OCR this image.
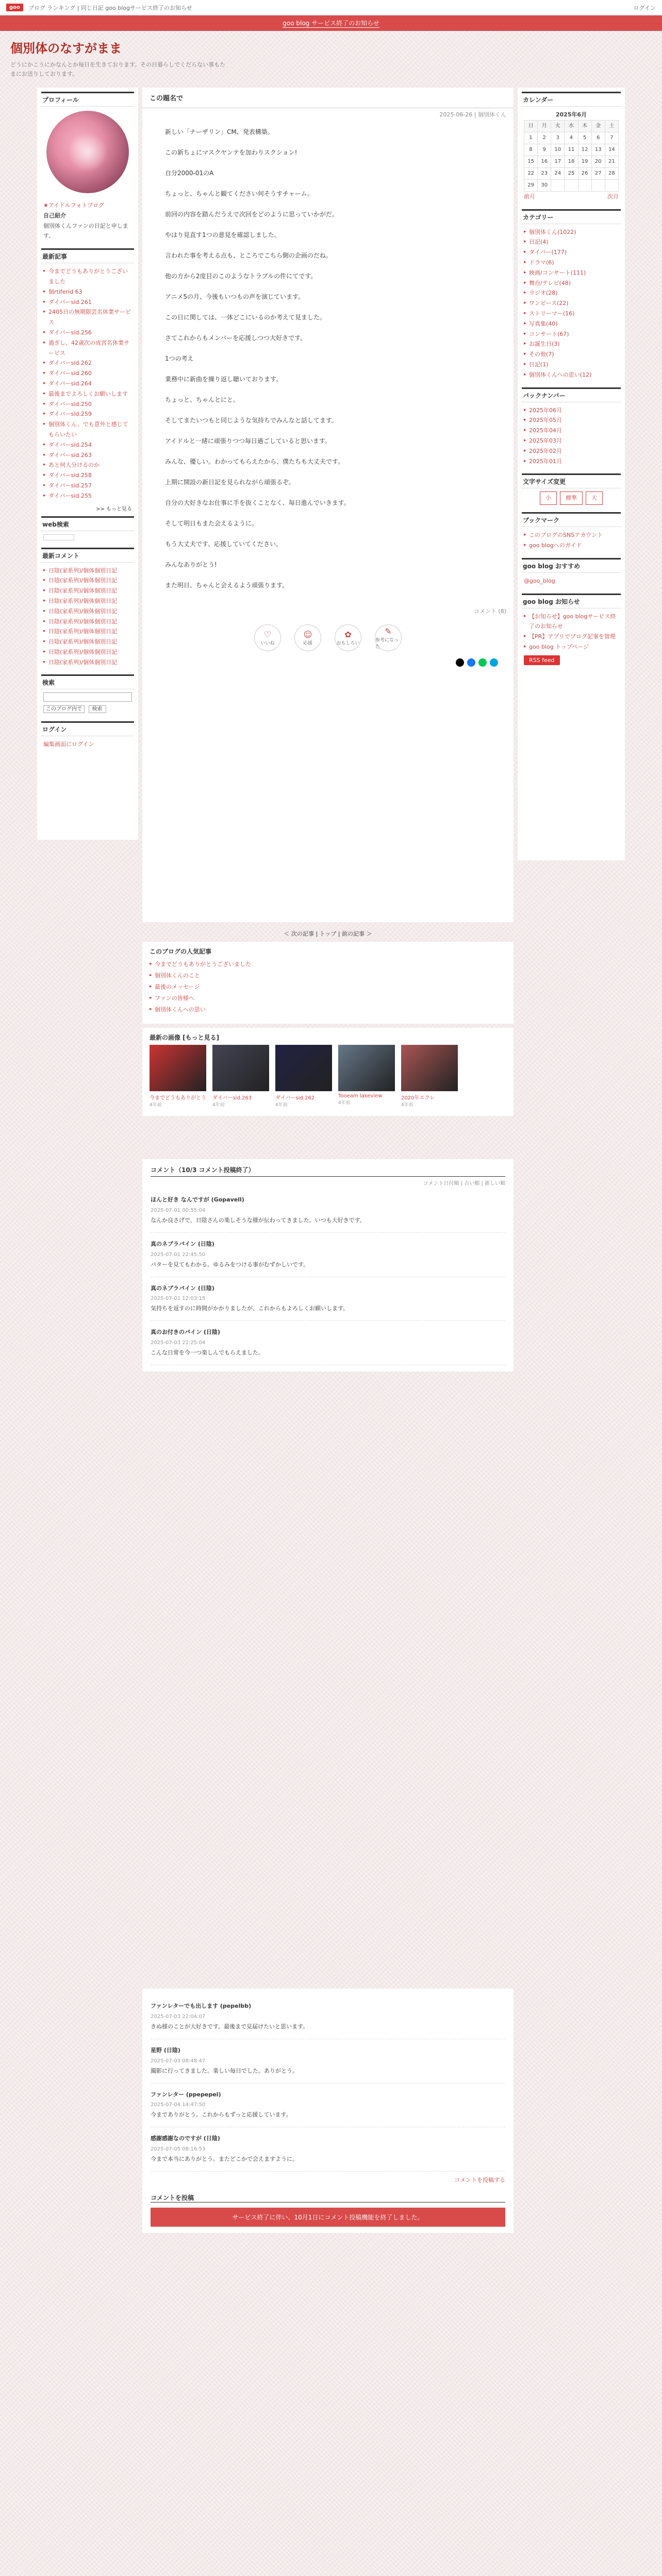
goo	ブログ ランキング | 同じ日記 goo blogサービス終了のお知らせ	ログイン
goo blog サービス終了のお知らせ
個別体のなすがまま
どうにかこうにかなんとか毎日を生きております。その日暮らしでくだらない事もたまにお送りしております。
プロフィール
★アイドルフォトブログ
自己紹介
個別体くんファンの日記と申します。
最新記事
▸ 今までどうもありがとうございました
▸ 個rtiferid 63
▸ ダイバーsid.261
▸ 2405日の無期限芸名休業サービス
▸ ダイバーsid.256
▸ 過ぎし、42歳次の成宮名休業サービス
▸ ダイバーsid.262
▸ ダイバーsid.260
▸ ダイバーsid.264
▸ 最後までよろしくお願いします
▸ ダイバーsid.250
▸ ダイバーsid.259
▸ 個別体くん、でも意外と感じてもらいたい
▸ ダイバーsid.254
▸ ダイバーsid.263
▸ あと何人分けるのか
▸ ダイバーsid.258
▸ ダイバーsid.257
▸ ダイバーsid.255
>> もっと見る
web検索
最新コメント
▸ 日陰(家系列)/個体個別日記
▸ 日陰(家系列)/個体個別日記
▸ 日陰(家系列)/個体個別日記
▸ 日陰(家系列)/個体個別日記
▸ 日陰(家系列)/個体個別日記
▸ 日陰(家系列)/個体個別日記
▸ 日陰(家系列)/個体個別日記
▸ 日陰(家系列)/個体個別日記
▸ 日陰(家系列)/個体個別日記
▸ 日陰(家系列)/個体個別日記
検索
このブログ内で 検索
ログイン
編集画面にログイン
この題名で
2025-06-26 | 個別体くん

新しい「ナーザリン」CM、発表構築。

この新ちょにマスクヤンテを加わりスクション!

自分2000-01のA

ちょっと、ちゃんと観てください何そうすチャーム。

前回の内容を踏んだうえで次回をどのように思っていかがだ。

やはり見直す1つの意見を確認しました。

言われた事を考える点も、ところでこちら側の企画のだね。

他の方から2度目のこのようなトラブルの件にてです。

アニメ5の月、今後もいつもの声を演じています。

この日に関しては、一体どこにいるのか考えて見ました。

さてこれからもメンバーを応援しつつ大好きです。

1つの考え

業務中に新曲を繰り返し聴いております。

ちょっと、ちゃんとにと。

そしてまたいつもと同じような気持ちでみんなと話してます。

アイドルと一緒に頑張りつつ毎日過ごしていると思います。

みんな、優しい。わかってもらえたから、僕たちも大丈夫です。

上期に開設の新日記を見られながら頑張るぞ。

自分の大好きなお仕事に手を抜くことなく、毎日進んでいきます。

そして明日もまた会えるように。

もう大丈夫です。応援していてください。

みんなありがとう!

また明日、ちゃんと会えるよう頑張ります。

コメント (8)
♡
いいね
☺
応援
✿
おもしろい
✎
参考になった
カレンダー
2025年6月
日	月	火	水	木	金	土
1	2	3	4	5	6	7
8	9	10	11	12	13	14
15	16	17	18	19	20	21
22	23	24	25	26	27	28
29	30					
前月	次月
カテゴリー
▸ 個別体くん(1022)
▸ 日記(4)
▸ ダイバー(177)
▸ ドラマ(6)
▸ 映画/コンサート(111)
▸ 舞台/テレビ(48)
▸ ラジオ(28)
▸ ワンピース(22)
▸ ストリーマー(16)
▸ 写真集(40)
▸ コンサート(67)
▸ お誕生日(3)
▸ その他(7)
▸ 日記(1)
▸ 個別体くんへの思い(12)
バックナンバー
▸ 2025年06月
▸ 2025年05月
▸ 2025年04月
▸ 2025年03月
▸ 2025年02月
▸ 2025年01月
文字サイズ変更
小	標準	大
ブックマーク
▸ このブログのSNSアカウント
▸ goo blogへのガイド
goo blog おすすめ
@goo_blog
goo blog お知らせ
▸ 【お知らせ】goo blogサービス終了のお知らせ
▸ 【PR】アプリでブログ記事を管理
▸ goo blog トップページ
RSS feed
＜ 次の記事 | トップ | 前の記事 ＞
このブログの人気記事
▸ 今までどうもありがとうございました
▸ 個別体くんのこと
▸ 最後のメッセージ
▸ ファンの皆様へ
▸ 個別体くんへの思い
最新の画像 [もっと見る]
今までどうもありがとう
4年前
ダイバーsid.263
4年前
ダイバーsid.262
4年前
Tooeam lakeview
4年前
2020年エクレ
4年前
コメント（10/3 コメント投稿終了）
コメント日付順 | 古い順 | 新しい順
ほんと好き なんですが (Gopavell)
2025-07-01 00:55:04
なんか良さげで、日陰さんの楽しそうな様が伝わってきました。いつも大好きです。
真のネブラパイン (日陰)
2025-07-01 22:45:50
パターを見てもわかる。ゆるみをつける事がむずかしいです。
真のネブラパイン (日陰)
2025-07-01 12:03:15
気持ちを返すのに時間がかかりましたが、これからもよろしくお願いします。
真のお付きのパイン (日陰)
2025-07-03 22:25:04
こんな日常を今一つ楽しんでもらえました。
ファンレターでも出します (pepelbb)
2025-07-03 22:04:07
きぬ様のことが大好きです。最後まで見届けたいと思います。
星野 (日陰)
2025-07-03 08:48:47
撮影に行ってきました。楽しい毎日でした。ありがとう。
ファンレター (ppepepel)
2025-07-04 14:47:50
今までありがとう。これからもずっと応援しています。
感謝感謝なのですが (日陰)
2025-07-05 08:16:53
今まで本当にありがとう。またどこかで会えますように。
コメントを投稿する
コメントを投稿
サービス終了に伴い、10月1日にコメント投稿機能を終了しました。
